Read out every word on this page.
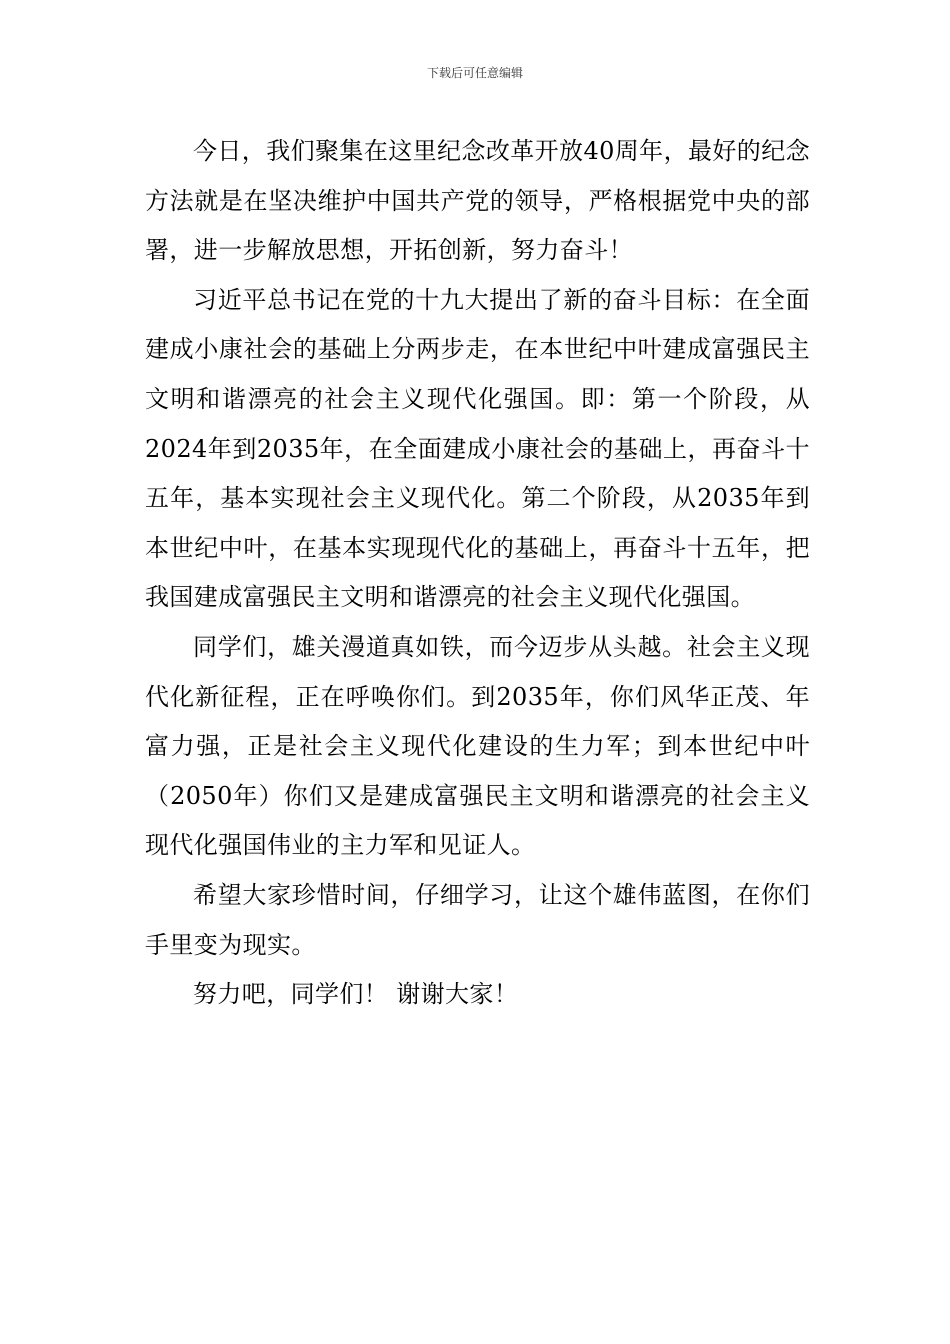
下载后可任意编辑

今日，我们聚集在这里纪念改革开放40周年，最好的纪念方法就是在坚决维护中国共产党的领导，严格根据党中央的部署，进一步解放思想，开拓创新，努力奋斗！

习近平总书记在党的十九大提出了新的奋斗目标：在全面建成小康社会的基础上分两步走，在本世纪中叶建成富强民主文明和谐漂亮的社会主义现代化强国。即：第一个阶段，从2024年到2035年，在全面建成小康社会的基础上，再奋斗十五年，基本实现社会主义现代化。第二个阶段，从2035年到本世纪中叶，在基本实现现代化的基础上，再奋斗十五年，把我国建成富强民主文明和谐漂亮的社会主义现代化强国。

同学们，雄关漫道真如铁，而今迈步从头越。社会主义现代化新征程，正在呼唤你们。到2035年，你们风华正茂、年富力强，正是社会主义现代化建设的生力军；到本世纪中叶（2050年）你们又是建成富强民主文明和谐漂亮的社会主义现代化强国伟业的主力军和见证人。

希望大家珍惜时间，仔细学习，让这个雄伟蓝图，在你们手里变为现实。

努力吧，同学们！ 谢谢大家！
